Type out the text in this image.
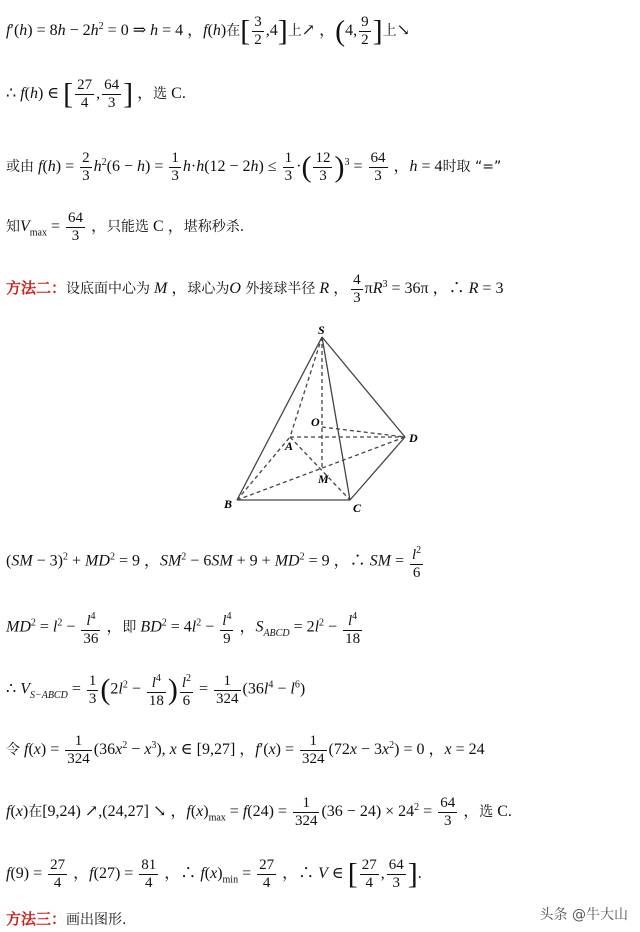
$f'(h) = 8h - 2h^2 = 0$ ⇒ h = 4 ，f(h)在[ $\frac{3}{2} ,4$]上↗ ，(4, $\frac{9}{2}$ ]上↘
∴ f(h) ∈ [ $\frac{27}{4}$ , $\frac{64}{3}$ ] ，选 C.
或由 $f(h) = \frac{2}{3} h^2(6 - h) = \frac{1}{3} h\cdot h(12 - 2h) \le \frac{1}{3}$ ·( $\frac{12}{3} )^3 = \frac{64}{3}$ ，h = 4时取 “=”
知$V_{max} = \frac{64}{3}$ ，只能选 C ，堪称秒杀.
方法二：设底面中心为 M ，球心为O 外接球半径 R ， $\frac{4}{3} \pi R^3 = 36\pi$ ，∴ R = 3
S
O
A
D
M
B	C
$(SM - 3)^2 + MD^2 = 9$ ，$SM^2 - 6SM + 9 + MD^2 = 9$ ，∴ SM = $\frac{l^2}{6}$
$MD^2 = l^2 - \frac{l^4}{36}$ ，即 $BD^2 = 4l^2 - \frac{l^4}{9}$ ，$S_{ABCD} = 2l^2 - \frac{l^4}{18}$
∴ $V_{S-ABCD} = \frac{1}{3} (2l^2 - \frac{l^4}{18}$ ) $\frac{l^2}{6} = \frac{1}{324} (36l^4 - l^6)$
令 $f(x) = \frac{1}{324} (36x^2 - x^3)$, x ∈ [9,27] ，$f'(x) = \frac{1}{324} (72x - 3x^2) = 0$ ，x = 24
f(x)在[9,24) ↗,(24,27] ↘ ，$f(x)_{max} = f(24) = \frac{1}{324} (36 - 24) \times 24^2 = \frac{64}{3}$ ，选 C.
$f(9) = \frac{27}{4}$ ，$f(27) = \frac{81}{4}$ ，∴ $f(x)_{min} = \frac{27}{4}$ ，∴ V ∈ [ $\frac{27}{4}$ , $\frac{64}{3}$ ].
方法三：画出图形.	头条 @牛大山
